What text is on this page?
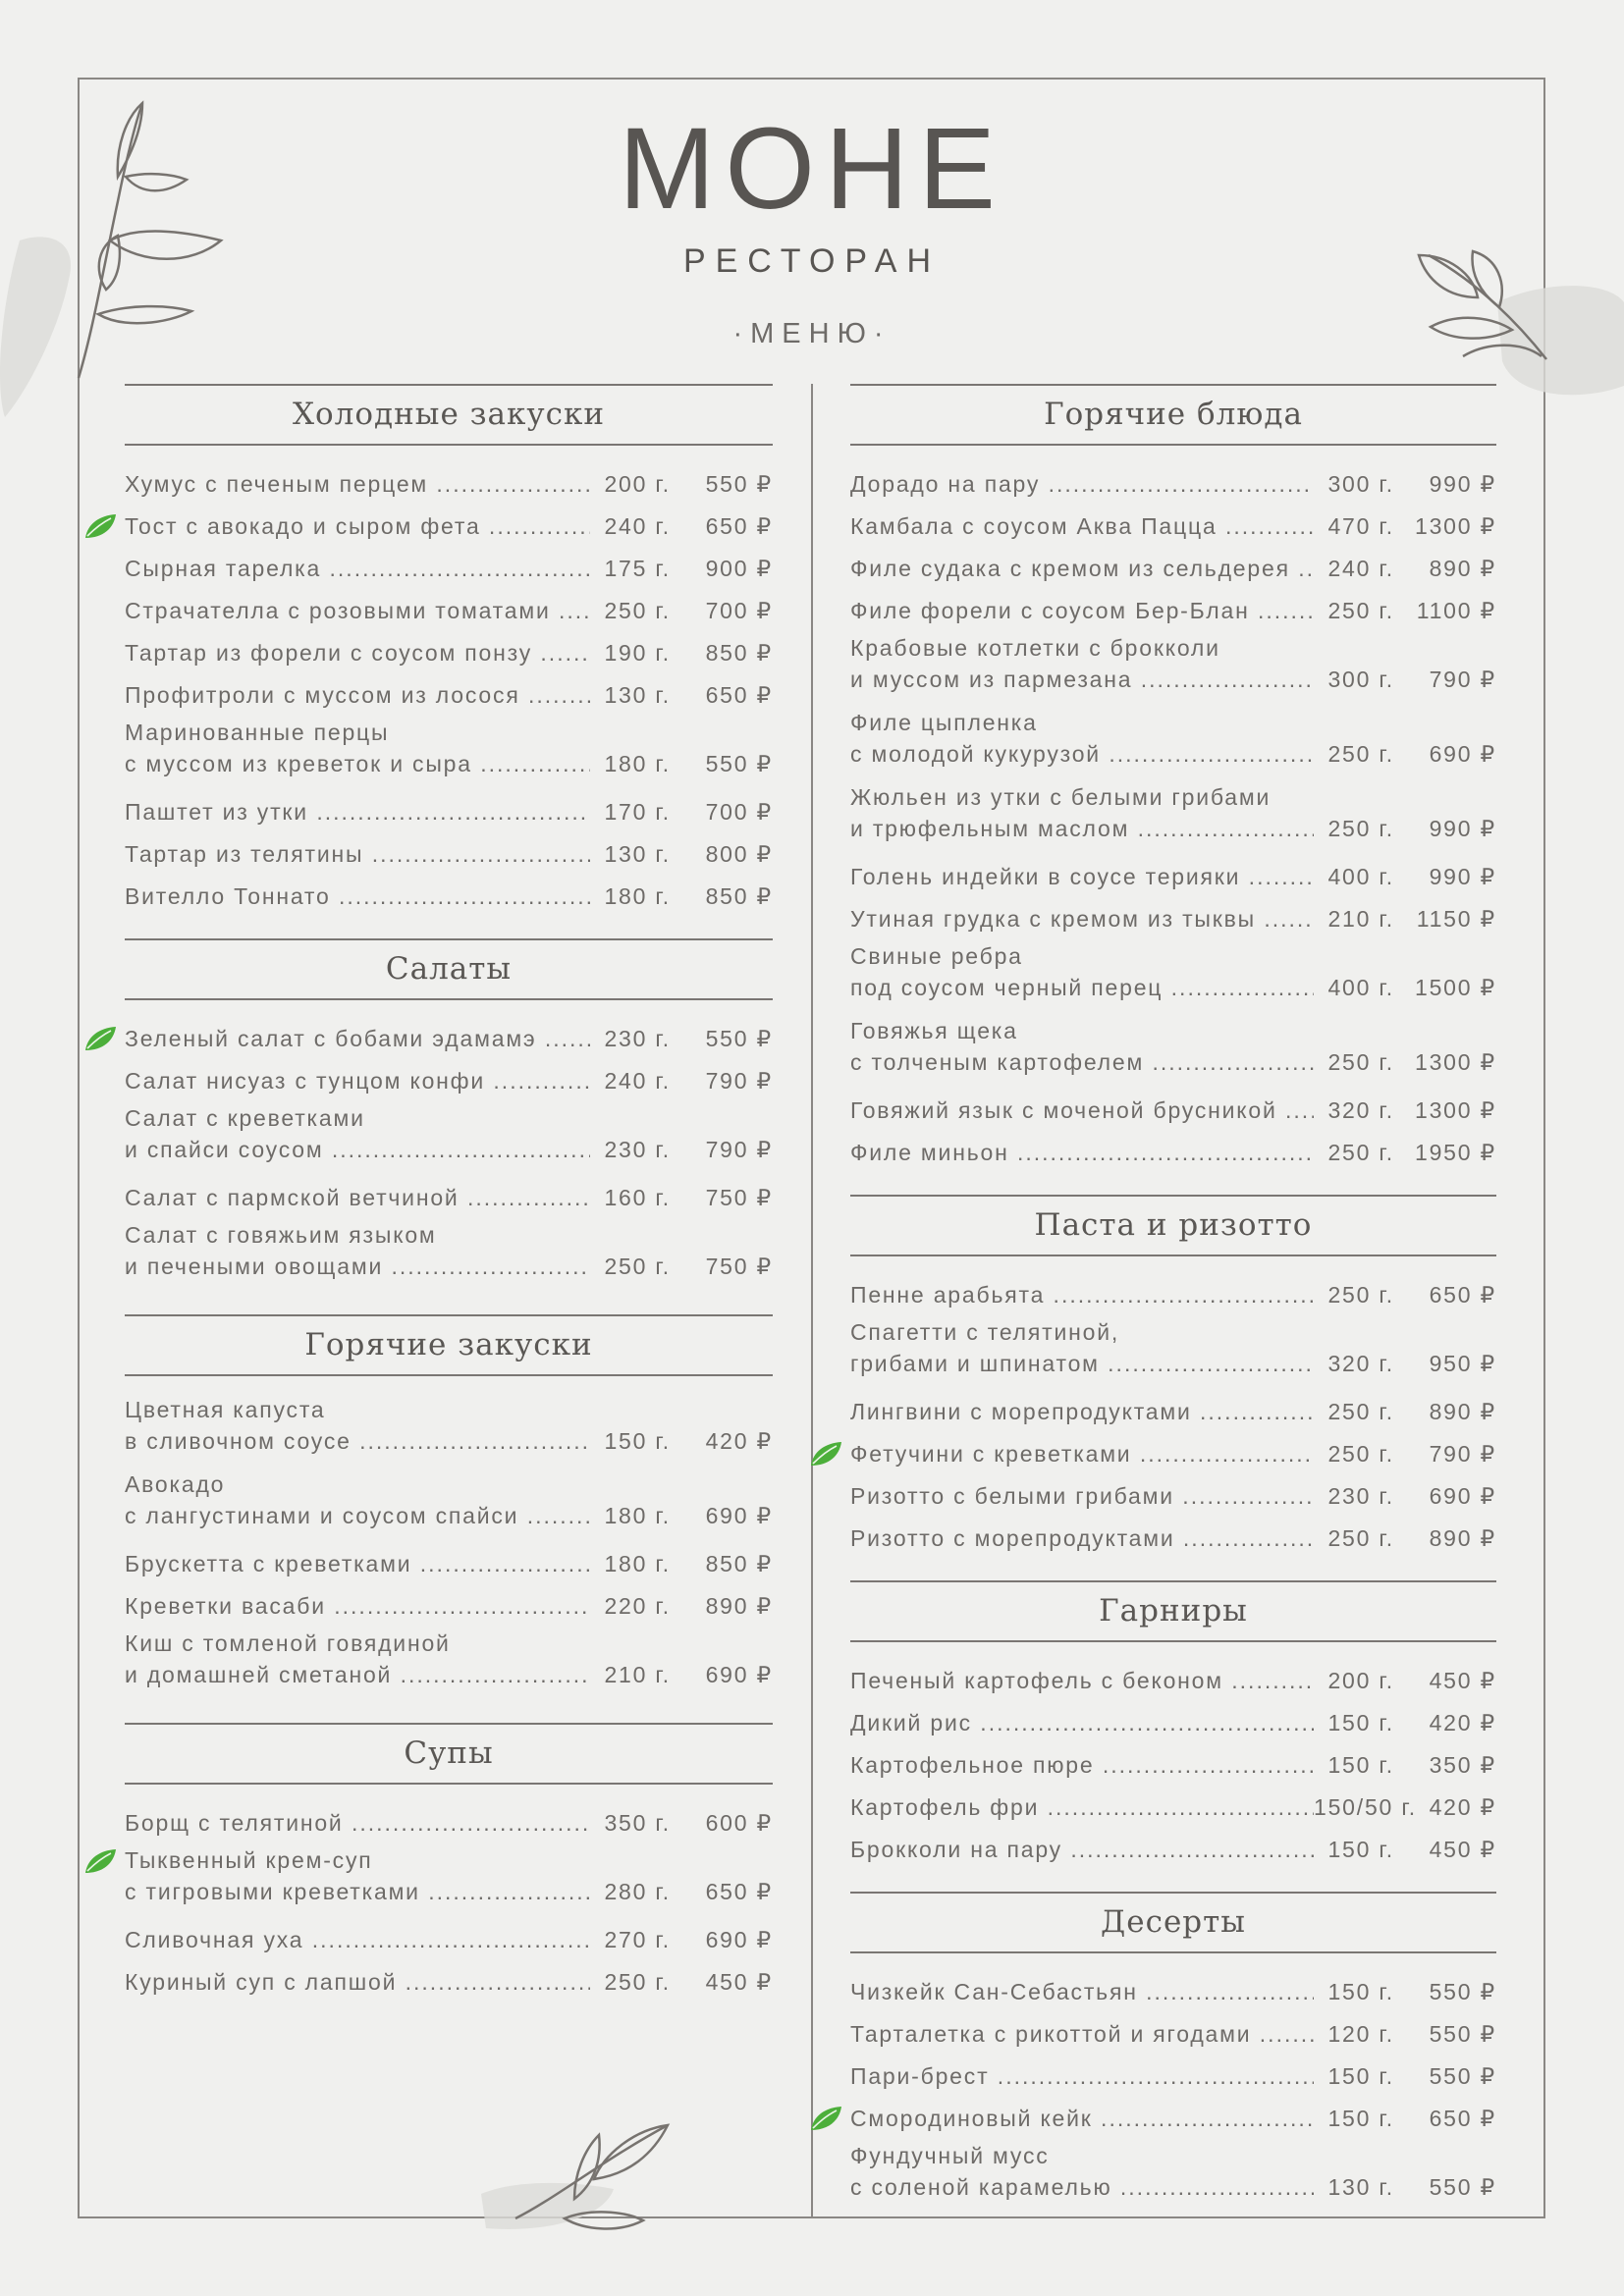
МОНЕ
РЕСТОРАН
·МЕНЮ·
Холодные закуски
Хумус с печеным перцем .....	200 г.	550 ₽
Тост с авокадо и сыром фета .....	240 г.	650 ₽
Сырная тарелка .....	175 г.	900 ₽
Страчателла с розовыми томатами .....	250 г.	700 ₽
Тартар из форели с соусом понзу .....	190 г.	850 ₽
Профитроли с муссом из лосося .....	130 г.	650 ₽
Маринованные перцы
с муссом из креветок и сыра .....	180 г.	550 ₽
Паштет из утки .....	170 г.	700 ₽
Тартар из телятины .....	130 г.	800 ₽
Вителло Тоннато .....	180 г.	850 ₽
Салаты
Зеленый салат с бобами эдамамэ .....	230 г.	550 ₽
Салат нисуаз с тунцом конфи .....	240 г.	790 ₽
Салат с креветками
и спайси соусом .....	230 г.	790 ₽
Салат с пармской ветчиной .....	160 г.	750 ₽
Салат с говяжьим языком
и печеными овощами .....	250 г.	750 ₽
Горячие закуски
Цветная капуста
в сливочном соусе .....	150 г.	420 ₽
Авокадо
с лангустинами и соусом спайси .....	180 г.	690 ₽
Брускетта с креветками .....	180 г.	850 ₽
Креветки васаби .....	220 г.	890 ₽
Киш с томленой говядиной
и домашней сметаной .....	210 г.	690 ₽
Супы
Борщ с телятиной .....	350 г.	600 ₽
Тыквенный крем-суп
с тигровыми креветками .....	280 г.	650 ₽
Сливочная уха .....	270 г.	690 ₽
Куриный суп с лапшой .....	250 г.	450 ₽
Горячие блюда
Дорадо на пару .....	300 г.	990 ₽
Камбала с соусом Аква Пацца .....	470 г. 1300 ₽
Филе судака с кремом из сельдерея .....	240 г.	890 ₽
Филе форели с соусом Бер-Блан .....	250 г. 1100 ₽
Крабовые котлетки с брокколи
и муссом из пармезана .....	300 г.	790 ₽
Филе цыпленка
с молодой кукурузой .....	250 г.	690 ₽
Жюльен из утки с белыми грибами
и трюфельным маслом .....	250 г.	990 ₽
Голень индейки в соусе терияки .....	400 г.	990 ₽
Утиная грудка с кремом из тыквы .....	210 г. 1150 ₽
Свиные ребра
под соусом черный перец .....	400 г. 1500 ₽
Говяжья щека
с толченым картофелем .....	250 г. 1300 ₽
Говяжий язык с моченой брусникой .....	320 г. 1300 ₽
Филе миньон .....	250 г. 1950 ₽
Паста и ризотто
Пенне арабьята .....	250 г.	650 ₽
Спагетти с телятиной,
грибами и шпинатом .....	320 г.	950 ₽
Лингвини с морепродуктами .....	250 г.	890 ₽
Фетучини с креветками .....	250 г.	790 ₽
Ризотто с белыми грибами .....	230 г.	690 ₽
Ризотто с морепродуктами .....	250 г.	890 ₽
Гарниры
Печеный картофель с беконом .....	200 г.	450 ₽
Дикий рис .....	150 г.	420 ₽
Картофельное пюре .....	150 г.	350 ₽
Картофель фри .....	150/50 г. 420 ₽
Брокколи на пару .....	150 г.	450 ₽
Десерты
Чизкейк Сан-Себастьян .....	150 г.	550 ₽
Тарталетка с рикоттой и ягодами .....	120 г.	550 ₽
Пари-брест .....	150 г.	550 ₽
Смородиновый кейк .....	150 г.	650 ₽
Фундучный мусс
с соленой карамелью .....	130 г.	550 ₽
